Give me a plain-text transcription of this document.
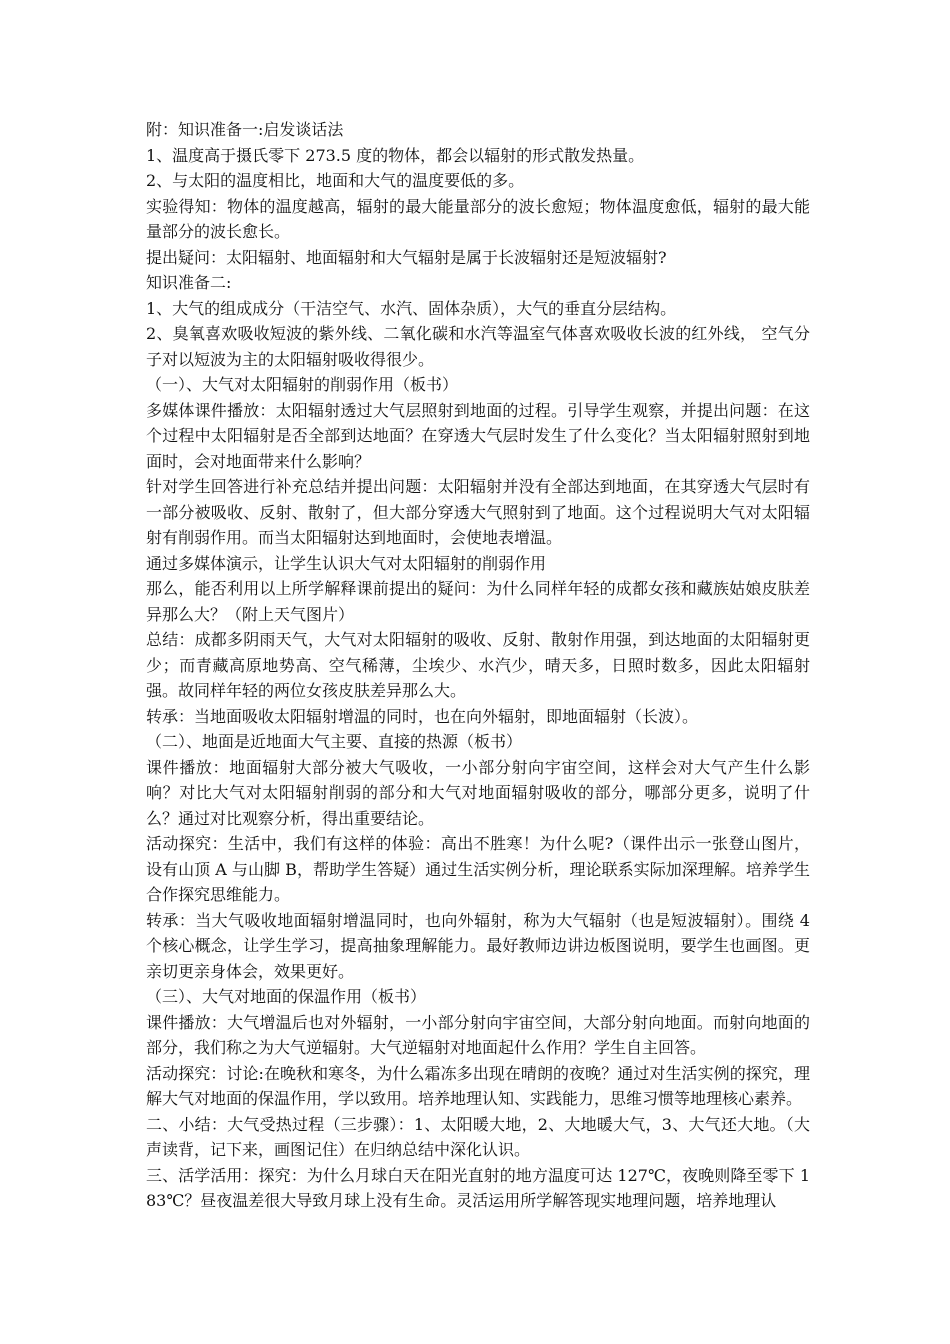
附：知识准备一:启发谈话法

1、温度高于摄氏零下 273.5 度的物体，都会以辐射的形式散发热量。

2、与太阳的温度相比，地面和大气的温度要低的多。

实验得知：物体的温度越高，辐射的最大能量部分的波长愈短；物体温度愈低，辐射的最大能量部分的波长愈长。

提出疑问：太阳辐射、地面辐射和大气辐射是属于长波辐射还是短波辐射?

知识准备二:

1、大气的组成成分（干洁空气、水汽、固体杂质），大气的垂直分层结构。

2、臭氧喜欢吸收短波的紫外线、二氧化碳和水汽等温室气体喜欢吸收长波的红外线， 空气分子对以短波为主的太阳辐射吸收得很少。

（一）、大气对太阳辐射的削弱作用（板书）

多媒体课件播放：太阳辐射透过大气层照射到地面的过程。引导学生观察，并提出问题：在这个过程中太阳辐射是否全部到达地面？在穿透大气层时发生了什么变化？当太阳辐射照射到地面时，会对地面带来什么影响？

针对学生回答进行补充总结并提出问题：太阳辐射并没有全部达到地面，在其穿透大气层时有一部分被吸收、反射、散射了，但大部分穿透大气照射到了地面。这个过程说明大气对太阳辐射有削弱作用。而当太阳辐射达到地面时，会使地表增温。

通过多媒体演示，让学生认识大气对太阳辐射的削弱作用

那么，能否利用以上所学解释课前提出的疑问：为什么同样年轻的成都女孩和藏族姑娘皮肤差异那么大？（附上天气图片）

总结：成都多阴雨天气，大气对太阳辐射的吸收、反射、散射作用强，到达地面的太阳辐射更少；而青藏高原地势高、空气稀薄，尘埃少、水汽少，晴天多，日照时数多，因此太阳辐射强。故同样年轻的两位女孩皮肤差异那么大。

转承：当地面吸收太阳辐射增温的同时，也在向外辐射，即地面辐射（长波）。

（二）、地面是近地面大气主要、直接的热源（板书）

课件播放：地面辐射大部分被大气吸收，一小部分射向宇宙空间，这样会对大气产生什么影响？对比大气对太阳辐射削弱的部分和大气对地面辐射吸收的部分，哪部分更多，说明了什么？通过对比观察分析，得出重要结论。

活动探究：生活中，我们有这样的体验：高出不胜寒！为什么呢?（课件出示一张登山图片，设有山顶 A 与山脚 B，帮助学生答疑）通过生活实例分析，理论联系实际加深理解。培养学生合作探究思维能力。

转承：当大气吸收地面辐射增温同时，也向外辐射，称为大气辐射（也是短波辐射）。围绕 4 个核心概念，让学生学习，提高抽象理解能力。最好教师边讲边板图说明，要学生也画图。更亲切更亲身体会，效果更好。

（三）、大气对地面的保温作用（板书）

课件播放：大气增温后也对外辐射，一小部分射向宇宙空间，大部分射向地面。而射向地面的部分，我们称之为大气逆辐射。大气逆辐射对地面起什么作用？学生自主回答。

活动探究：讨论:在晚秋和寒冬，为什么霜冻多出现在晴朗的夜晚？通过对生活实例的探究，理解大气对地面的保温作用，学以致用。培养地理认知、实践能力，思维习惯等地理核心素养。

二、小结：大气受热过程（三步骤）：1、太阳暖大地，2、大地暖大气，3、大气还大地。（大声读背，记下来，画图记住）在归纳总结中深化认识。

三、活学活用：探究：为什么月球白天在阳光直射的地方温度可达 127℃，夜晚则降至零下 183℃？昼夜温差很大导致月球上没有生命。灵活运用所学解答现实地理问题，培养地理认
